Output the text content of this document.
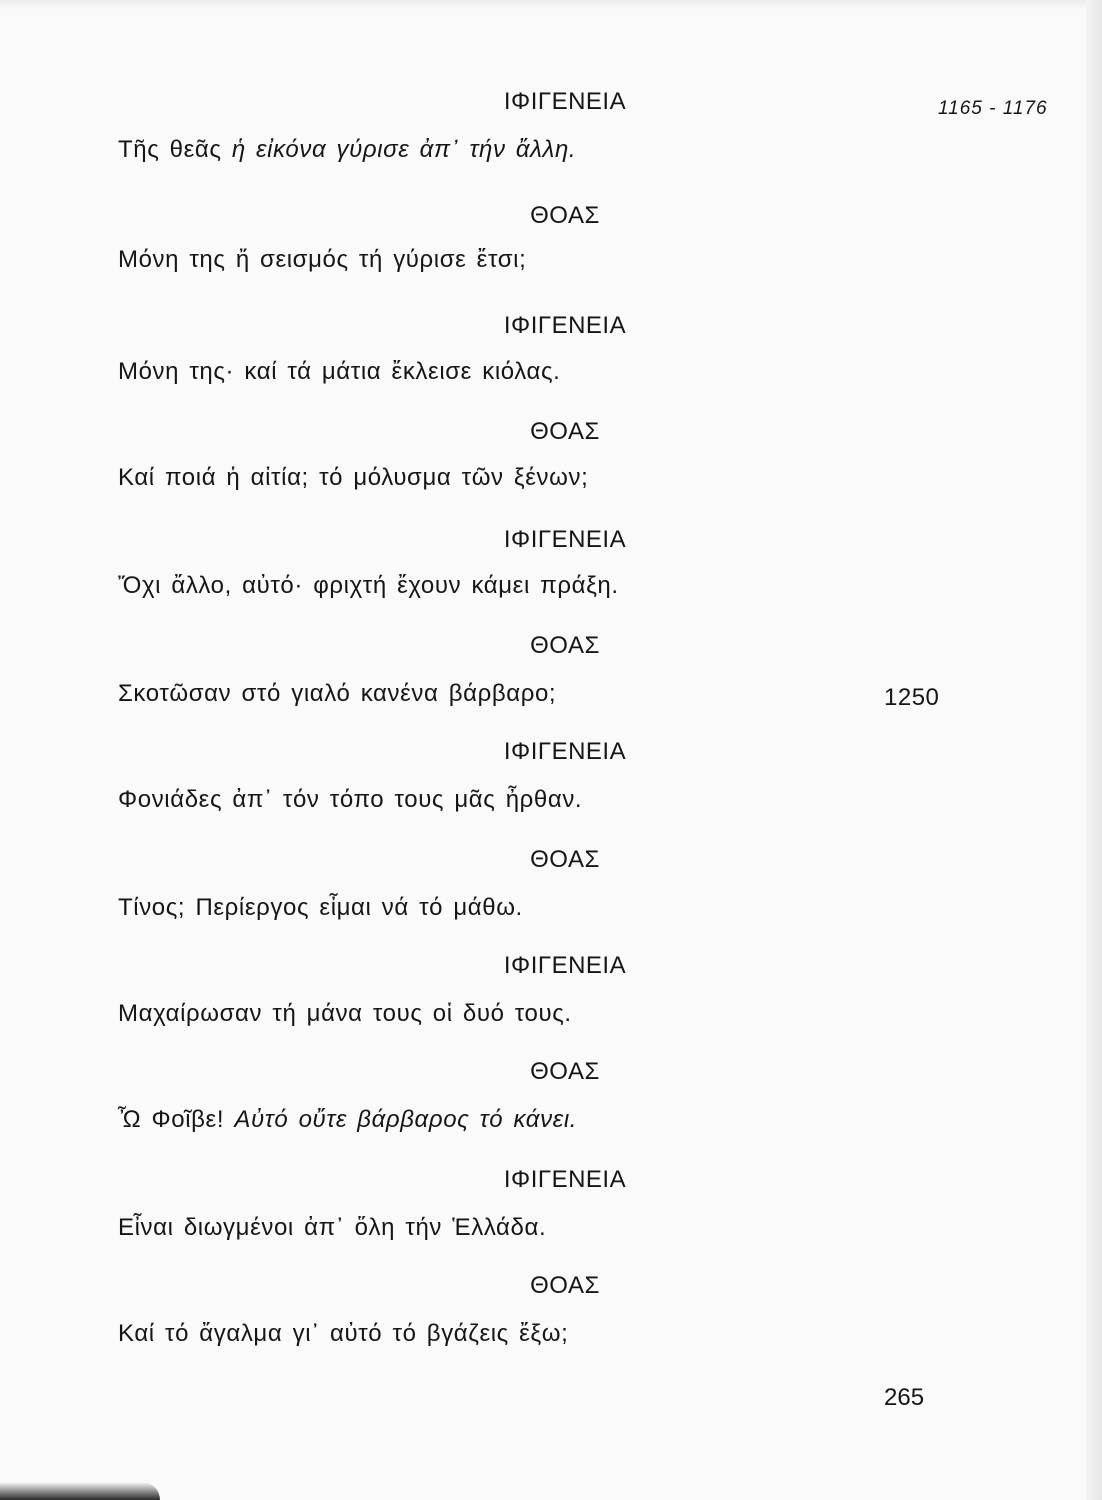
1165 - 1176
ΙΦΙΓΕΝΕΙΑ
Τῆς θεᾶς ἡ εἰκόνα γύρισε ἀπ᾽ τήν ἄλλη.
ΘΟΑΣ
Μόνη της ἤ σεισμός τή γύρισε ἔτσι;
ΙΦΙΓΕΝΕΙΑ
Μόνη της· καί τά μάτια ἔκλεισε κιόλας.
ΘΟΑΣ
Καί ποιά ἡ αἰτία; τό μόλυσμα τῶν ξένων;
ΙΦΙΓΕΝΕΙΑ
Ὄχι ἄλλο, αὐτό· φριχτή ἔχουν κάμει πράξη.
ΘΟΑΣ
Σκοτῶσαν στό γιαλό κανένα βάρβαρο;	1250
ΙΦΙΓΕΝΕΙΑ
Φονιάδες ἀπ᾽ τόν τόπο τους μᾶς ἦρθαν.
ΘΟΑΣ
Τίνος; Περίεργος εἶμαι νά τό μάθω.
ΙΦΙΓΕΝΕΙΑ
Μαχαίρωσαν τή μάνα τους οἱ δυό τους.
ΘΟΑΣ
Ὦ Φοῖβε! Αὐτό οὔτε βάρβαρος τό κάνει.
ΙΦΙΓΕΝΕΙΑ
Εἶναι διωγμένοι ἀπ᾽ ὅλη τήν Ἑλλάδα.
ΘΟΑΣ
Καί τό ἄγαλμα γι᾽ αὐτό τό βγάζεις ἔξω;
265
